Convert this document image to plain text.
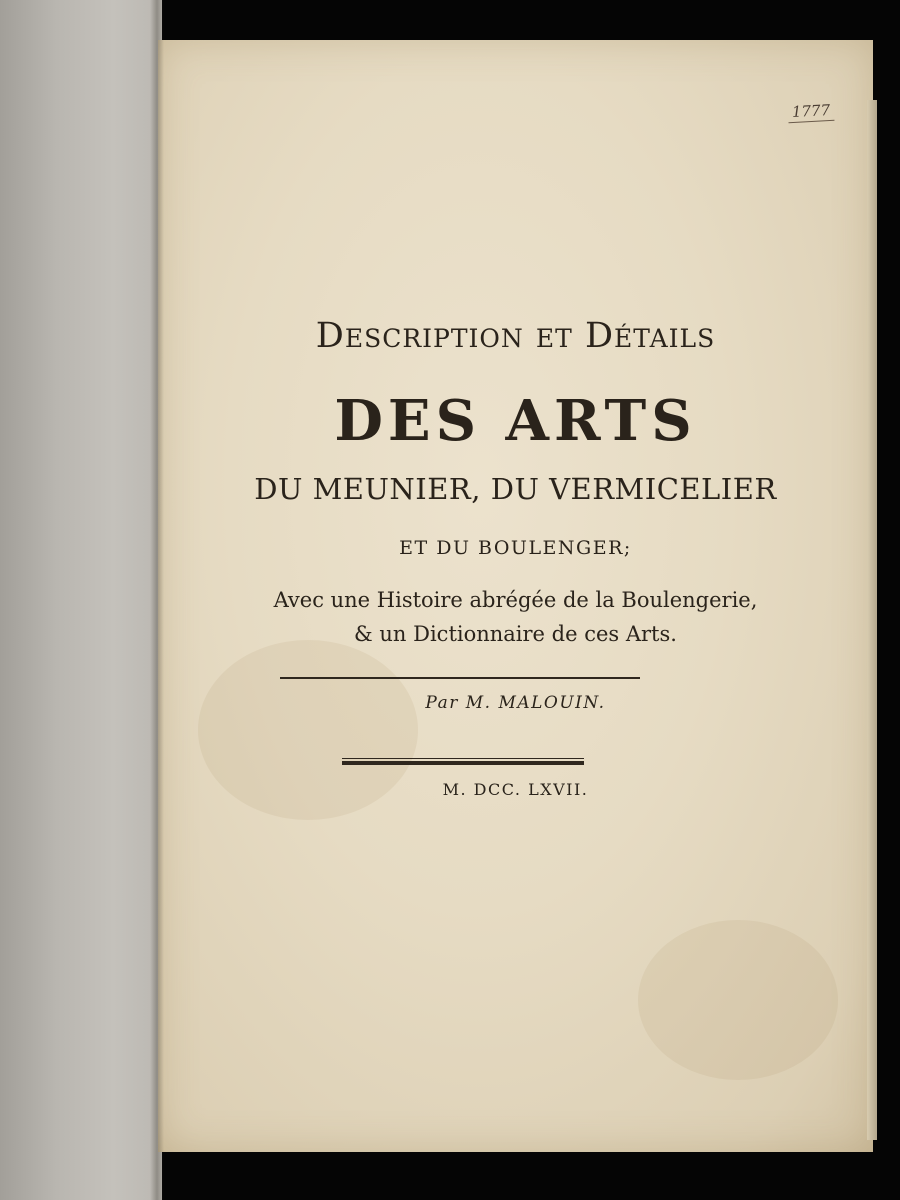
1777
Description et Détails
DES ARTS
DU MEUNIER, DU VERMICELIER
ET DU BOULENGER;
Avec une Histoire abrégée de la Boulengerie,
& un Dictionnaire de ces Arts.
Par M. MALOUIN.
M. DCC. LXVII.
